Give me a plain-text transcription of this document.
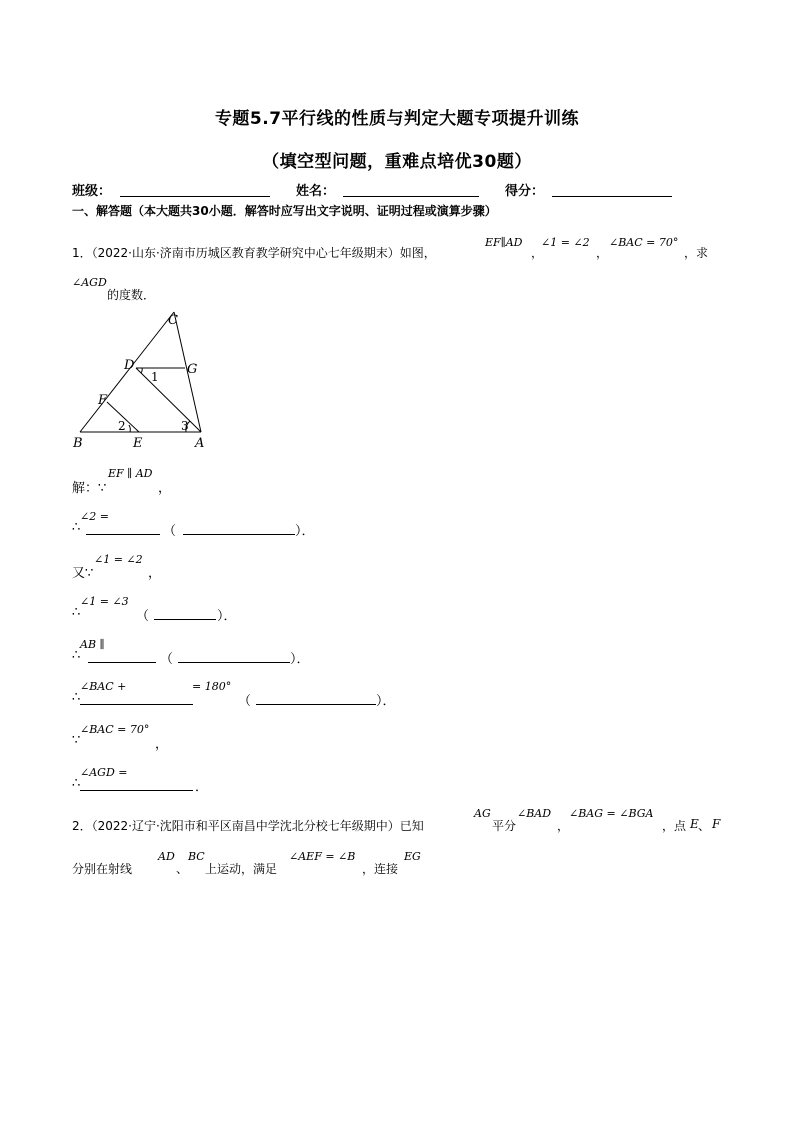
专题5.7平行线的性质与判定大题专项提升训练
（填空型问题，重难点培优30题）
班级：	姓名：	得分：
一、解答题（本大题共30小题．解答时应写出文字说明、证明过程或演算步骤）
1．（2022·山东·济南市历城区教育教学研究中心七年级期末）如图，
EF∥AD
，
∠1 = ∠2
，
∠BAC = 70°
，求
∠AGD
的度数．
C
D	G
F
B	E	A
1
2	3
解：∵
EF ∥ AD
，
∴
∠2 =
（	）．
又∵
∠1 = ∠2
，
∴
∠1 = ∠3
（	）．
∴
AB ∥
（	）．
∴
∠BAC +	= 180°
（	）．
∵
∠BAC = 70°
，
∴
∠AGD =
．
2．（2022·辽宁·沈阳市和平区南昌中学沈北分校七年级期中）已知
AG
平分
∠BAD
，
∠BAG = ∠BGA
，点 E 、 F
分别在射线
AD
、
BC
上运动，满足
∠AEF = ∠B
，连接
EG
